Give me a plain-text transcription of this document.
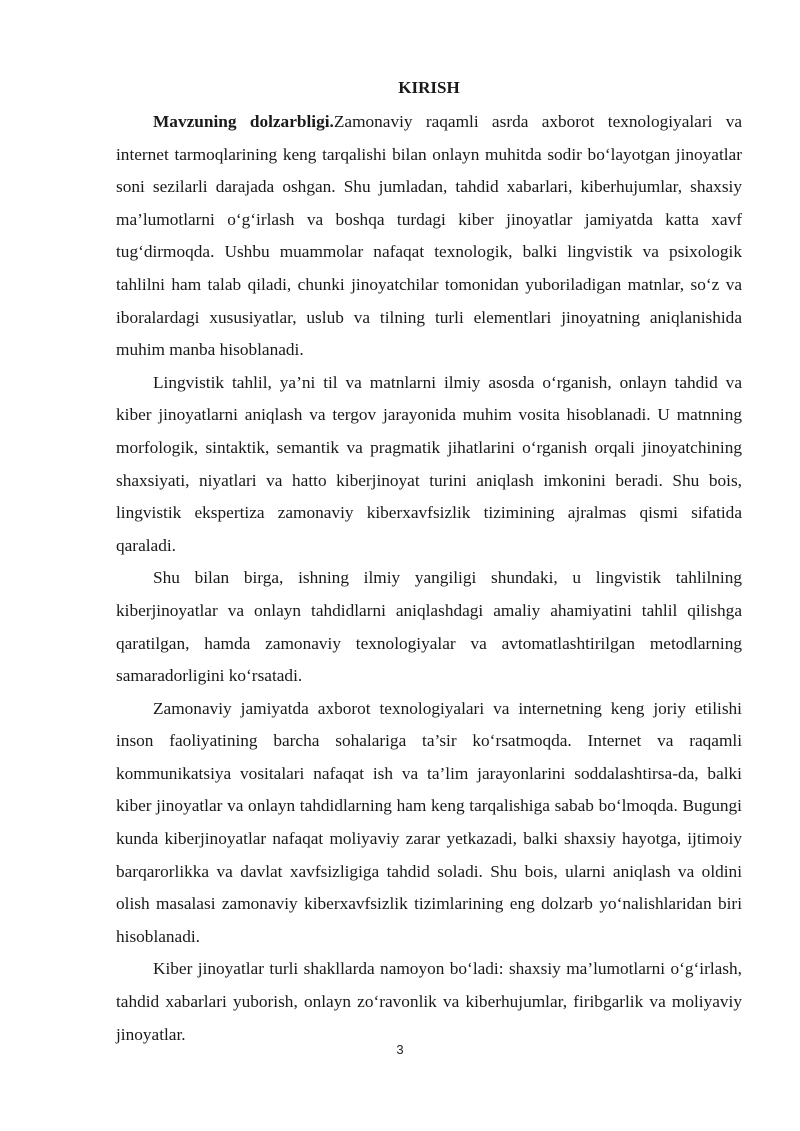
KIRISH

Mavzuning dolzarbligi.Zamonaviy raqamli asrda axborot texnologiyalari va internet tarmoqlarining keng tarqalishi bilan onlayn muhitda sodir bo‘layotgan jinoyatlar soni sezilarli darajada oshgan. Shu jumladan, tahdid xabarlari, kiberhujumlar, shaxsiy ma’lumotlarni o‘g‘irlash va boshqa turdagi kiber jinoyatlar jamiyatda katta xavf tug‘dirmoqda. Ushbu muammolar nafaqat texnologik, balki lingvistik va psixologik tahlilni ham talab qiladi, chunki jinoyatchilar tomonidan yuboriladigan matnlar, so‘z va iboralardagi xususiyatlar, uslub va tilning turli elementlari jinoyatning aniqlanishida muhim manba hisoblanadi.

Lingvistik tahlil, ya’ni til va matnlarni ilmiy asosda o‘rganish, onlayn tahdid va kiber jinoyatlarni aniqlash va tergov jarayonida muhim vosita hisoblanadi. U matnning morfologik, sintaktik, semantik va pragmatik jihatlarini o‘rganish orqali jinoyatchining shaxsiyati, niyatlari va hatto kiberjinoyat turini aniqlash imkonini beradi. Shu bois, lingvistik ekspertiza zamonaviy kiberxavfsizlik tizimining ajralmas qismi sifatida qaraladi.

Shu bilan birga, ishning ilmiy yangiligi shundaki, u lingvistik tahlilning kiberjinoyatlar va onlayn tahdidlarni aniqlashdagi amaliy ahamiyatini tahlil qilishga qaratilgan, hamda zamonaviy texnologiyalar va avtomatlashtirilgan metodlarning samaradorligini ko‘rsatadi.

Zamonaviy jamiyatda axborot texnologiyalari va internetning keng joriy etilishi inson faoliyatining barcha sohalariga ta’sir ko‘rsatmoqda. Internet va raqamli kommunikatsiya vositalari nafaqat ish va ta’lim jarayonlarini soddalashtirsa-da, balki kiber jinoyatlar va onlayn tahdidlarning ham keng tarqalishiga sabab bo‘lmoqda. Bugungi kunda kiberjinoyatlar nafaqat moliyaviy zarar yetkazadi, balki shaxsiy hayotga, ijtimoiy barqarorlikka va davlat xavfsizligiga tahdid soladi. Shu bois, ularni aniqlash va oldini olish masalasi zamonaviy kiberxavfsizlik tizimlarining eng dolzarb yo‘nalishlaridan biri hisoblanadi.

Kiber jinoyatlar turli shakllarda namoyon bo‘ladi: shaxsiy ma’lumotlarni o‘g‘irlash, tahdid xabarlari yuborish, onlayn zo‘ravonlik va kiberhujumlar, firibgarlik va moliyaviy jinoyatlar.

3
